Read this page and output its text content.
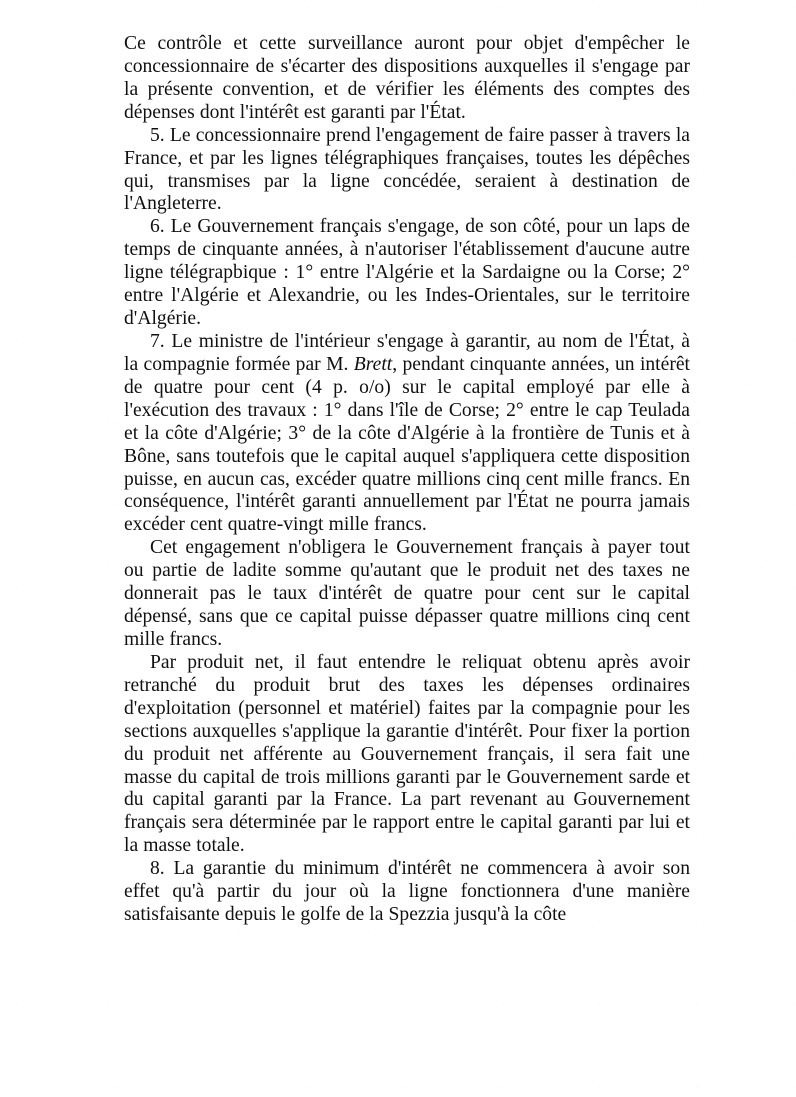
Ce contrôle et cette surveillance auront pour objet d'empêcher le concessionnaire de s'écarter des dispositions auxquelles il s'engage par la présente convention, et de vérifier les éléments des comptes des dépenses dont l'intérêt est garanti par l'État.

5. Le concessionnaire prend l'engagement de faire passer à travers la France, et par les lignes télégraphiques françaises, toutes les dépêches qui, transmises par la ligne concédée, seraient à destination de l'Angleterre.

6. Le Gouvernement français s'engage, de son côté, pour un laps de temps de cinquante années, à n'autoriser l'établissement d'aucune autre ligne télégrapbique : 1° entre l'Algérie et la Sardaigne ou la Corse; 2° entre l'Algérie et Alexandrie, ou les Indes-Orientales, sur le territoire d'Algérie.

7. Le ministre de l'intérieur s'engage à garantir, au nom de l'État, à la compagnie formée par M. Brett, pendant cinquante années, un intérêt de quatre pour cent (4 p. o/o) sur le capital employé par elle à l'exécution des travaux : 1° dans l'île de Corse; 2° entre le cap Teulada et la côte d'Algérie; 3° de la côte d'Algérie à la frontière de Tunis et à Bône, sans toutefois que le capital auquel s'appliquera cette disposition puisse, en aucun cas, excéder quatre millions cinq cent mille francs. En conséquence, l'intérêt garanti annuellement par l'État ne pourra jamais excéder cent quatre-vingt mille francs.

Cet engagement n'obligera le Gouvernement français à payer tout ou partie de ladite somme qu'autant que le produit net des taxes ne donnerait pas le taux d'intérêt de quatre pour cent sur le capital dépensé, sans que ce capital puisse dépasser quatre millions cinq cent mille francs.

Par produit net, il faut entendre le reliquat obtenu après avoir retranché du produit brut des taxes les dépenses ordinaires d'exploitation (personnel et matériel) faites par la compagnie pour les sections auxquelles s'applique la garantie d'intérêt. Pour fixer la portion du produit net afférente au Gouvernement français, il sera fait une masse du capital de trois millions garanti par le Gouvernement sarde et du capital garanti par la France. La part revenant au Gouvernement français sera déterminée par le rapport entre le capital garanti par lui et la masse totale.

8. La garantie du minimum d'intérêt ne commencera à avoir son effet qu'à partir du jour où la ligne fonctionnera d'une manière satisfaisante depuis le golfe de la Spezzia jusqu'à la côte
